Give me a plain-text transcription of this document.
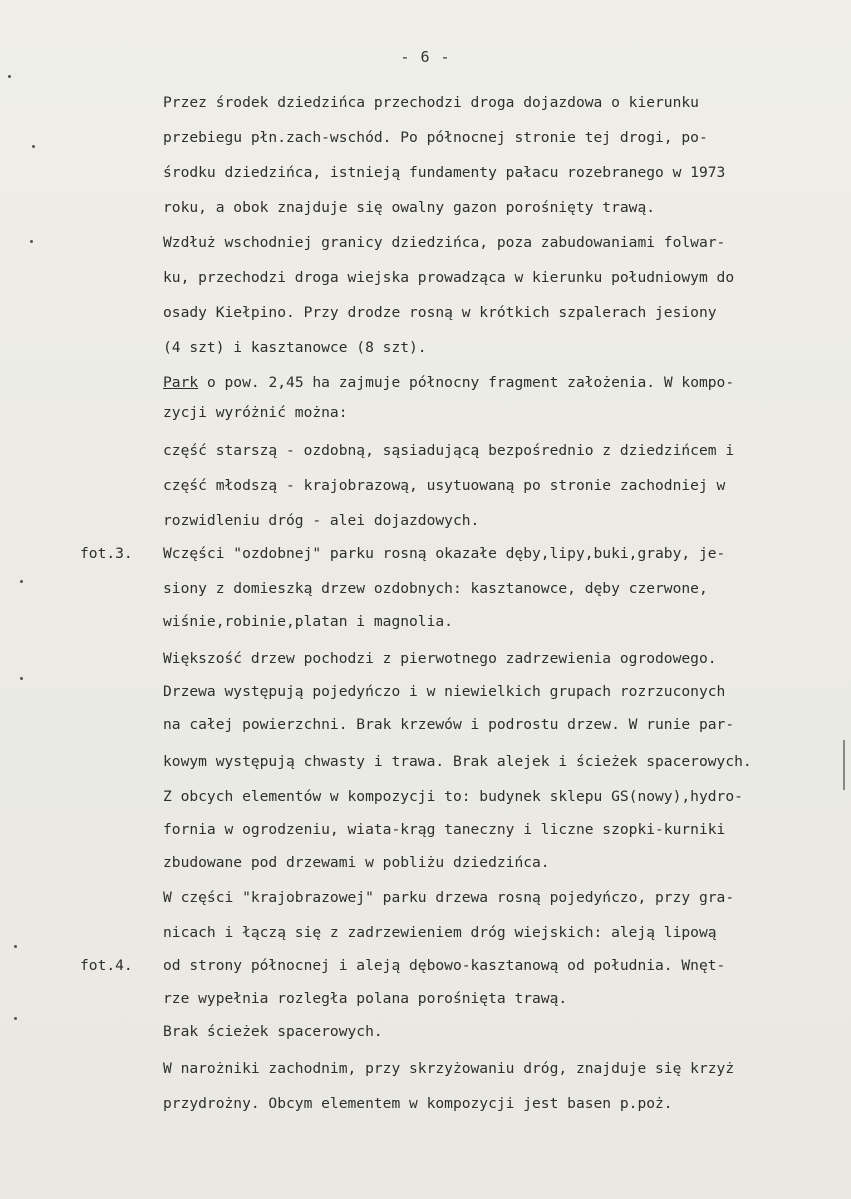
- 6 -
Przez środek dziedzińca przechodzi droga dojazdowa o kierunku
przebiegu płn.zach-wschód. Po północnej stronie tej drogi, po-
środku dziedzińca, istnieją fundamenty pałacu rozebranego w 1973
roku, a obok znajduje się owalny gazon porośnięty trawą.
Wzdłuż wschodniej granicy dziedzińca, poza zabudowaniami folwar-
ku, przechodzi droga wiejska prowadząca w kierunku południowym do
osady Kiełpino. Przy drodze rosną w krótkich szpalerach jesiony
(4 szt) i kasztanowce (8 szt).
Park o pow. 2,45 ha zajmuje północny fragment założenia. W kompo-
zycji wyróżnić można:
część starszą - ozdobną, sąsiadującą bezpośrednio z dziedzińcem i
część młodszą - krajobrazową, usytuowaną po stronie zachodniej w
rozwidleniu dróg - alei dojazdowych.
fot.3. Wczęści "ozdobnej" parku rosną okazałe dęby,lipy,buki,graby, je-
siony z domieszką drzew ozdobnych: kasztanowce, dęby czerwone,
wiśnie,robinie,platan i magnolia.
Większość drzew pochodzi z pierwotnego zadrzewienia ogrodowego.
Drzewa występują pojedyńczo i w niewielkich grupach rozrzuconych
na całej powierzchni. Brak krzewów i podrostu drzew. W runie par-
kowym występują chwasty i trawa. Brak alejek i ścieżek spacerowych.
Z obcych elementów w kompozycji to: budynek sklepu GS(nowy),hydro-
fornia w ogrodzeniu, wiata-krąg taneczny i liczne szopki-kurniki
zbudowane pod drzewami w pobliżu dziedzińca.
W części "krajobrazowej" parku drzewa rosną pojedyńczo, przy gra-
nicach i łączą się z zadrzewieniem dróg wiejskich: aleją lipową
fot.4. od strony północnej i aleją dębowo-kasztanową od południa. Wnęt-
rze wypełnia rozległa polana porośnięta trawą.
Brak ścieżek spacerowych.
W narożniki zachodnim, przy skrzyżowaniu dróg, znajduje się krzyż
przydrożny. Obcym elementem w kompozycji jest basen p.poż.
